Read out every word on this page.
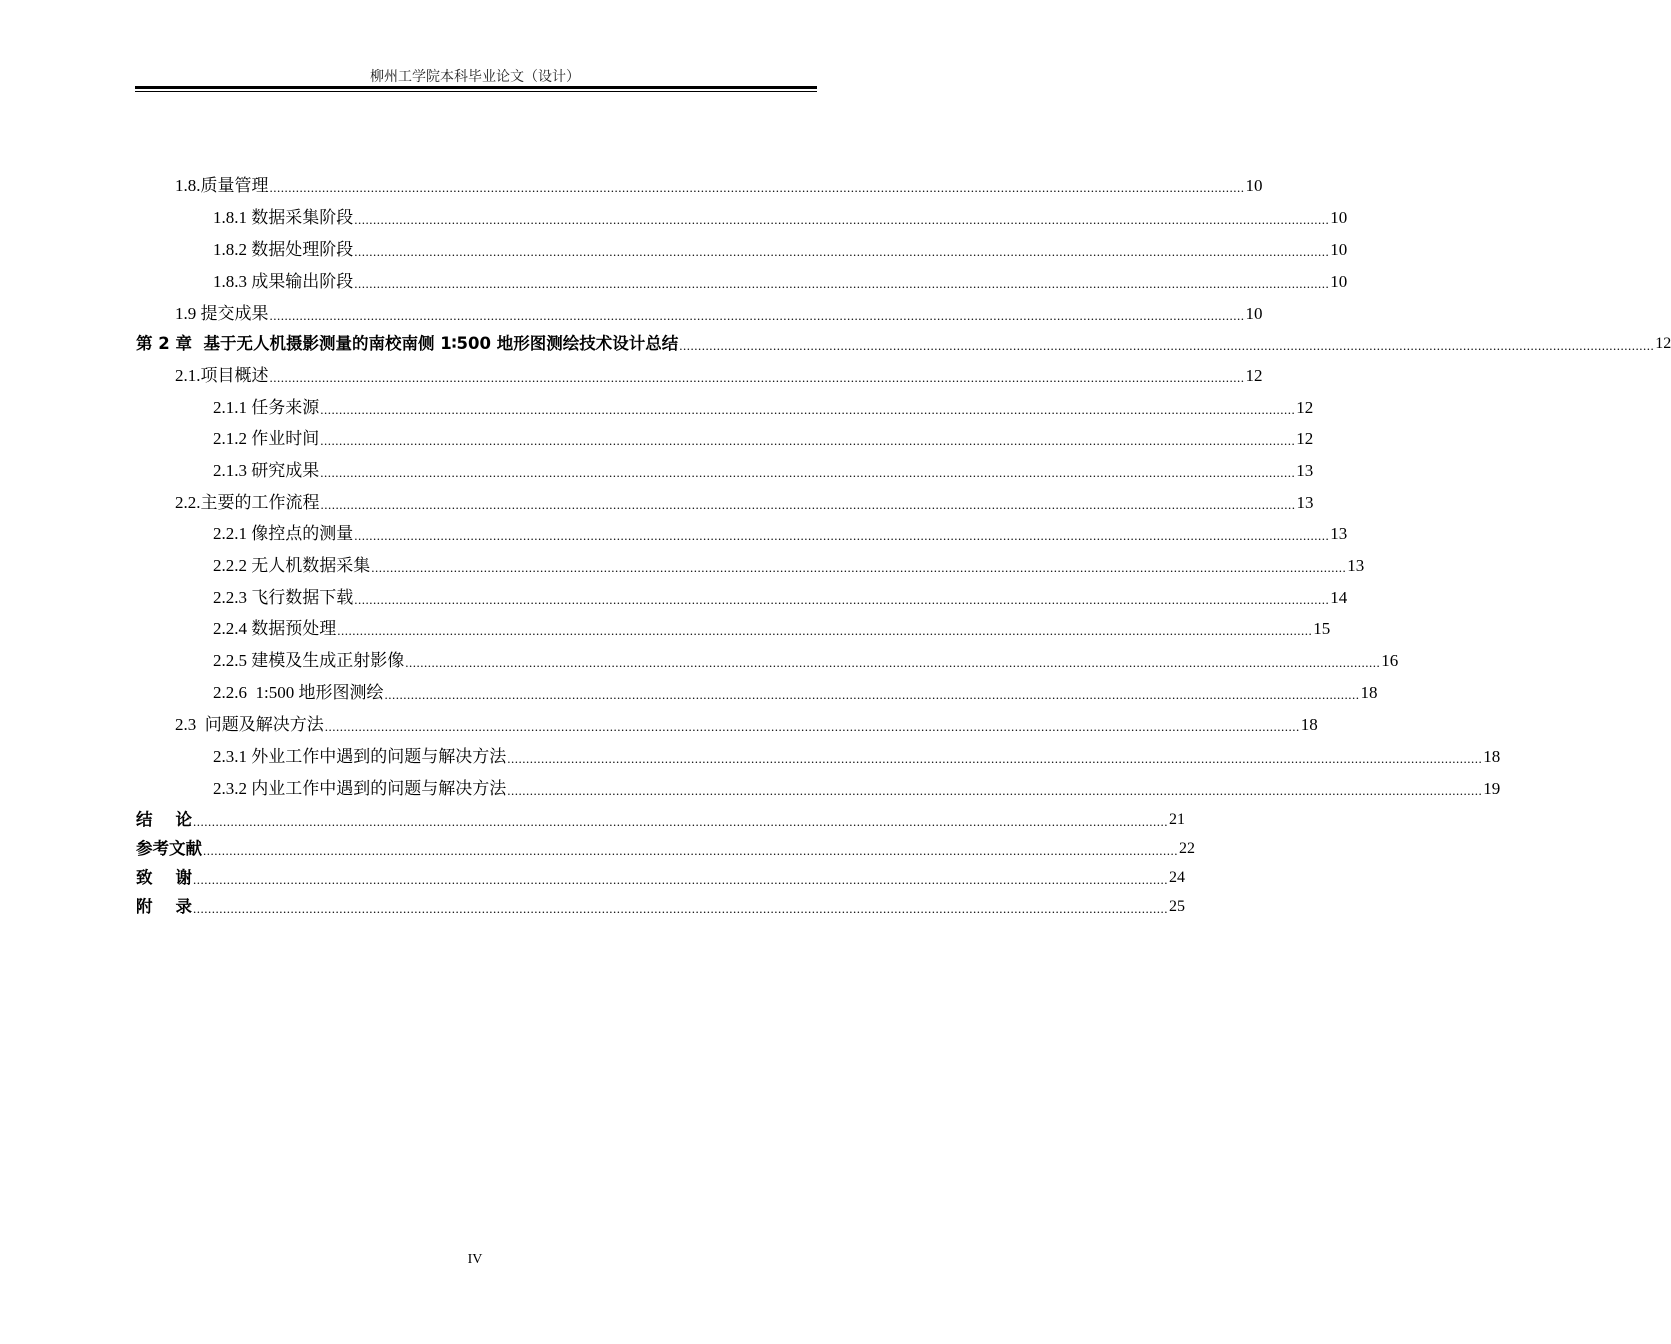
柳州工学院本科毕业论文（设计）
1.8.质量管理 .................................................................................................................................................................................................................................................................... 10
1.8.1 数据采集阶段 .................................................................................................................................................................................................................................................................... 10
1.8.2 数据处理阶段 .................................................................................................................................................................................................................................................................... 10
1.8.3 成果输出阶段 .................................................................................................................................................................................................................................................................... 10
1.9 提交成果 .................................................................................................................................................................................................................................................................... 10
第 2 章  基于无人机摄影测量的南校南侧 1∶500 地形图测绘技术设计总结 .................................................................................................................................................................................................................................................................... 12
2.1.项目概述 .................................................................................................................................................................................................................................................................... 12
2.1.1 任务来源 .................................................................................................................................................................................................................................................................... 12
2.1.2 作业时间 .................................................................................................................................................................................................................................................................... 12
2.1.3 研究成果 .................................................................................................................................................................................................................................................................... 13
2.2.主要的工作流程 .................................................................................................................................................................................................................................................................... 13
2.2.1 像控点的测量 .................................................................................................................................................................................................................................................................... 13
2.2.2 无人机数据采集 .................................................................................................................................................................................................................................................................... 13
2.2.3 飞行数据下载 .................................................................................................................................................................................................................................................................... 14
2.2.4 数据预处理 .................................................................................................................................................................................................................................................................... 15
2.2.5 建模及生成正射影像 .................................................................................................................................................................................................................................................................... 16
2.2.6  1:500 地形图测绘 .................................................................................................................................................................................................................................................................... 18
2.3  问题及解决方法 .................................................................................................................................................................................................................................................................... 18
2.3.1 外业工作中遇到的问题与解决方法 .................................................................................................................................................................................................................................................................... 18
2.3.2 内业工作中遇到的问题与解决方法 .................................................................................................................................................................................................................................................................... 19
结    论 .................................................................................................................................................................................................................................................................... 21
参考文献 .................................................................................................................................................................................................................................................................... 22
致    谢 .................................................................................................................................................................................................................................................................... 24
附    录 .................................................................................................................................................................................................................................................................... 25
IV
